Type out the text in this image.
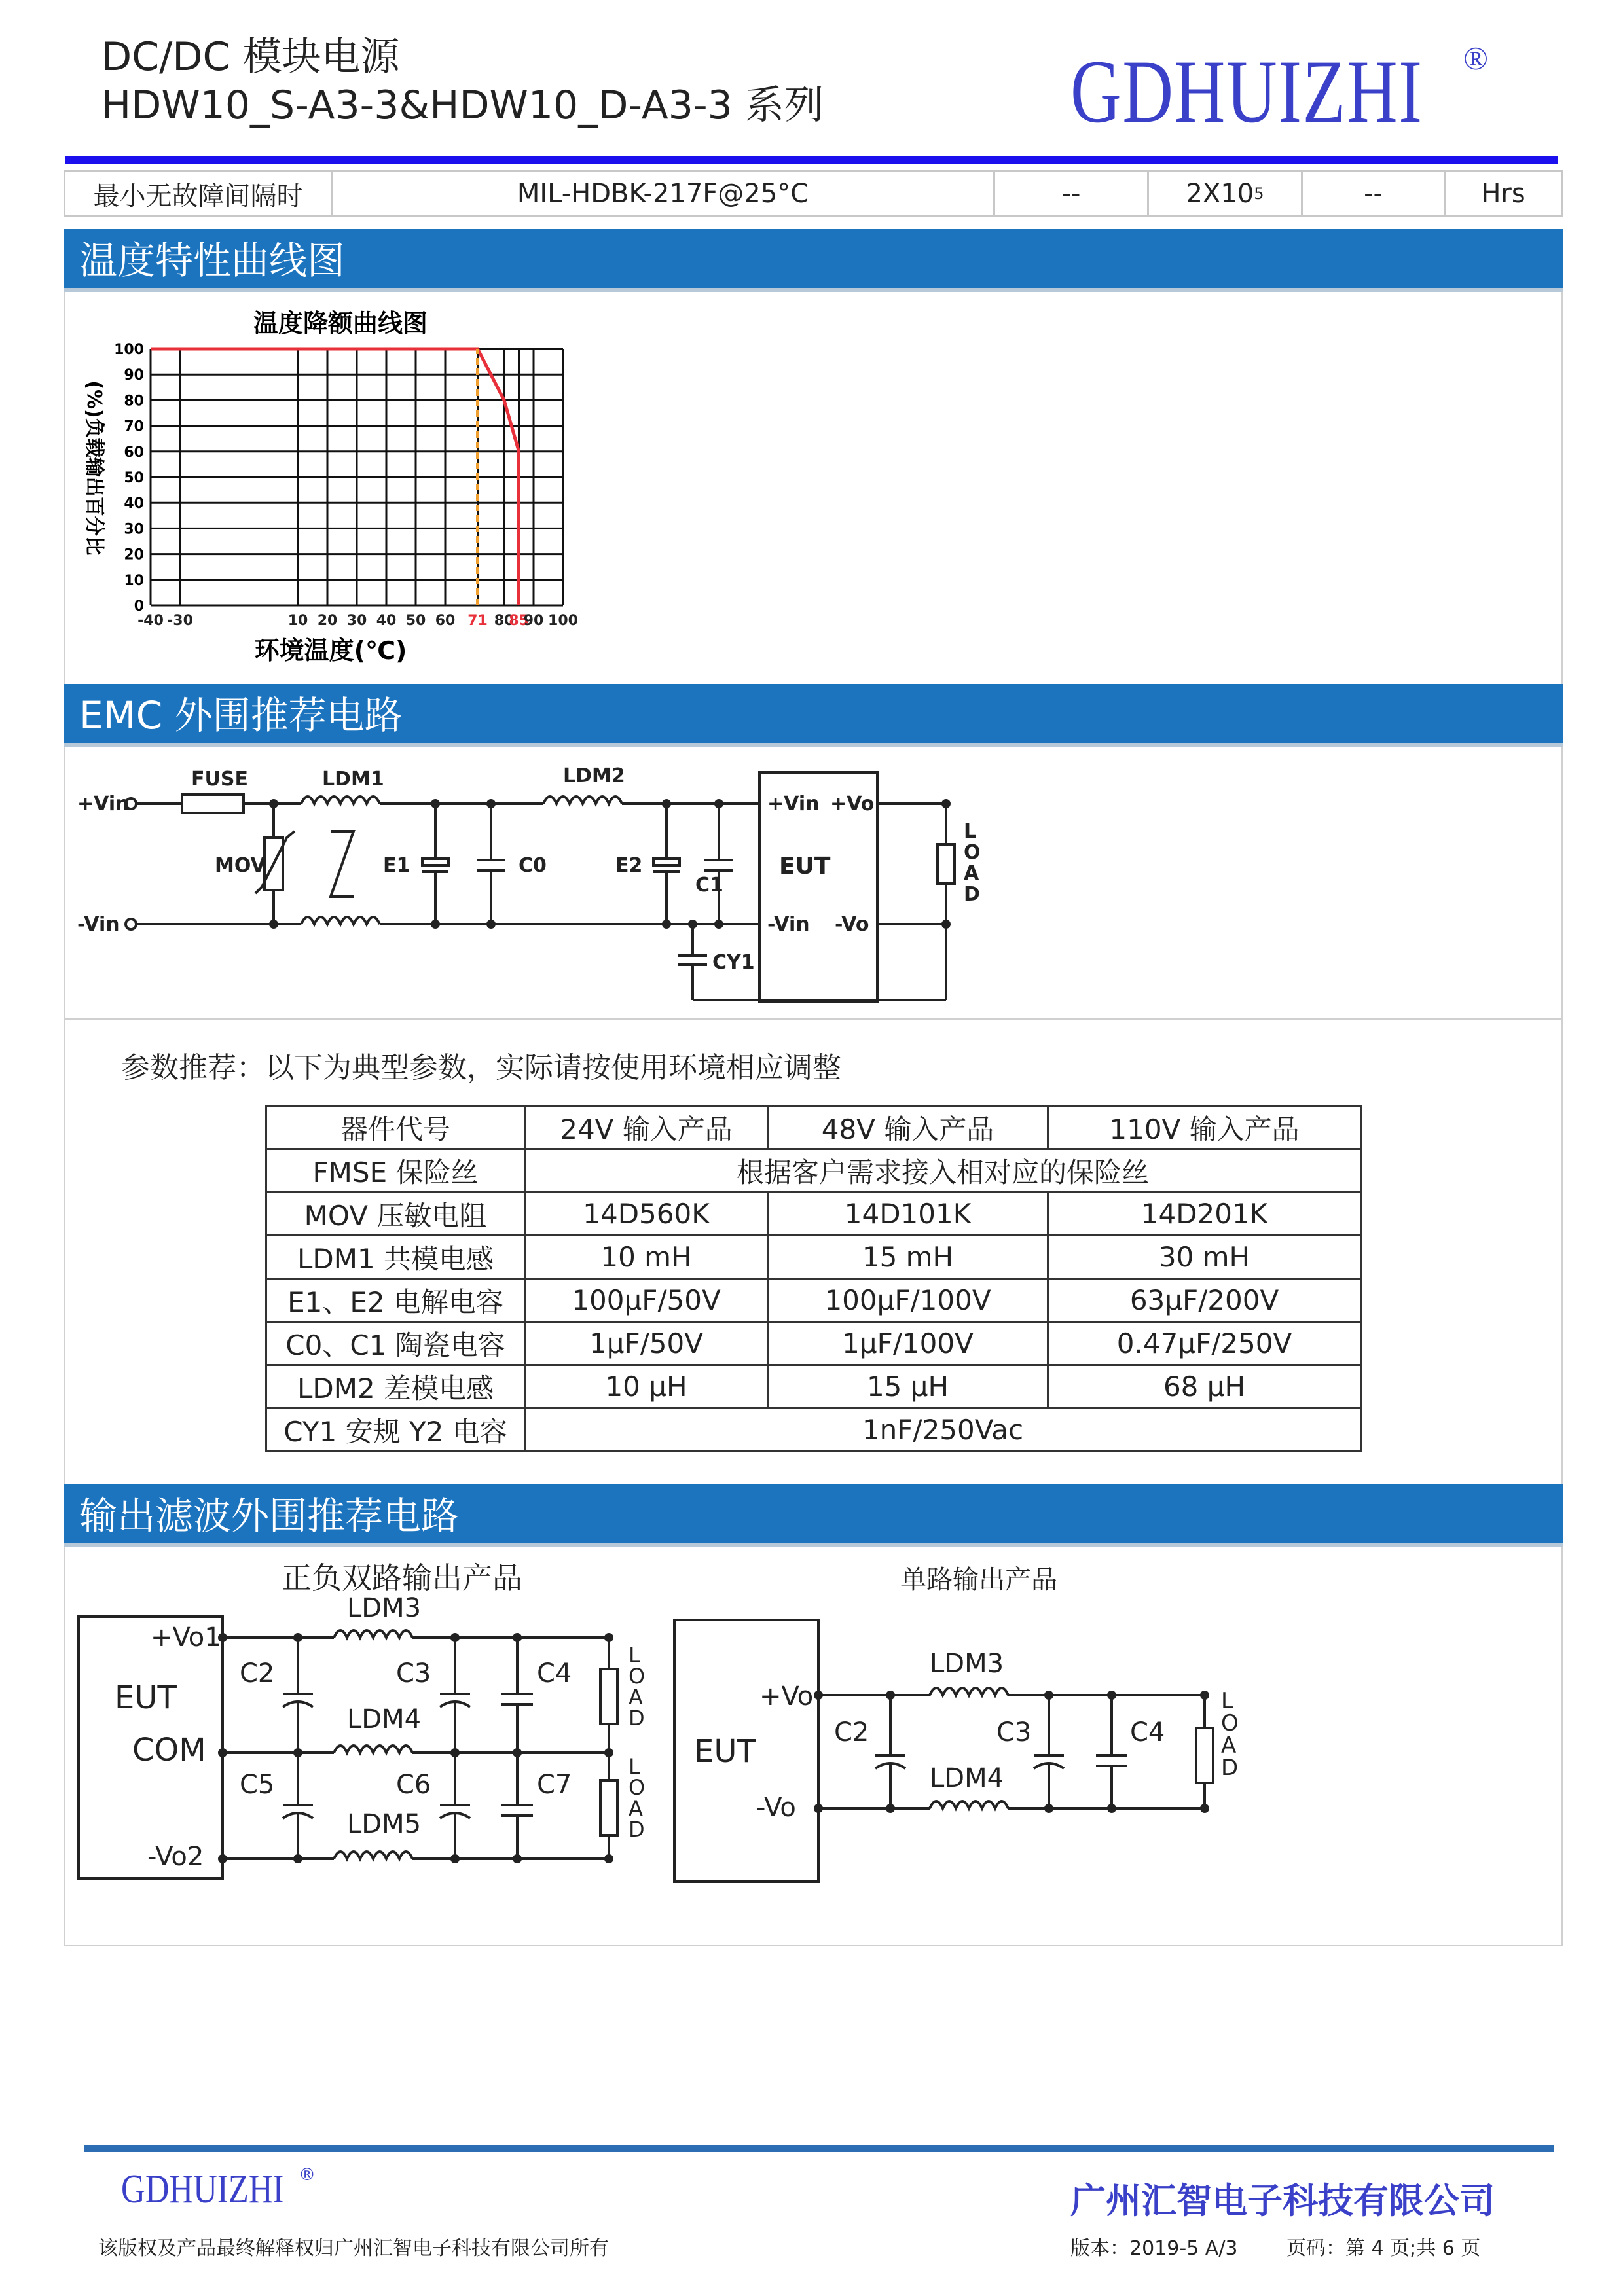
DC/DC 模块电源
HDW10_S-A3-3&HDW10_D-A3-3 系列	GDHUIZHI ®
最小无故障间隔时	MIL-HDBK-217F@25°C	--	2X10 5	--	Hrs
温度特性曲线图
温度降额曲线图
0
10
20
30
40
50
60
70
80
90
100
-40 -30	10 20 30 40 50 60 71 80
85
90 100
环境温度(℃)
(%)负载输出百分比
EMC 外围推荐电路
+Vin
-Vin
FUSE	LDM1	LDM2
MOV	E1	C0	E2
C1
CY1
EUT
+Vin
-Vin
+Vo
-Vo
L
O
A
D
参数推荐：以下为典型参数，实际请按使用环境相应调整
器件代号	24V 输入产品	48V 输入产品	110V 输入产品
FMSE 保险丝	根据客户需求接入相对应的保险丝		
MOV 压敏电阻	14D560K	14D101K	14D201K
LDM1 共模电感	10 mH	15 mH	30 mH
E1、E2 电解电容	100μF/50V	100μF/100V	63μF/200V
C0、C1 陶瓷电容	1μF/50V	1μF/100V	0.47μF/250V
LDM2 差模电感	10 μH	15 μH	68 μH
CY1 安规 Y2 电容	1nF/250Vac		
输出滤波外围推荐电路
正负双路输出产品	单路输出产品
+Vo1
EUT
COM
-Vo2
LDM3
LDM4
LDM5
C2	C3	C4
C5	C6	C7
L
O
A
D
L
O
A
D
+Vo
EUT
-Vo
LDM3
LDM4
C2	C3	C4
L
O
A
D
GDHUIZHI ®
广州汇智电子科技有限公司
该版权及产品最终解释权归广州汇智电子科技有限公司所有	版本：2019-5 A/3 页码：第 4 页;共 6 页
